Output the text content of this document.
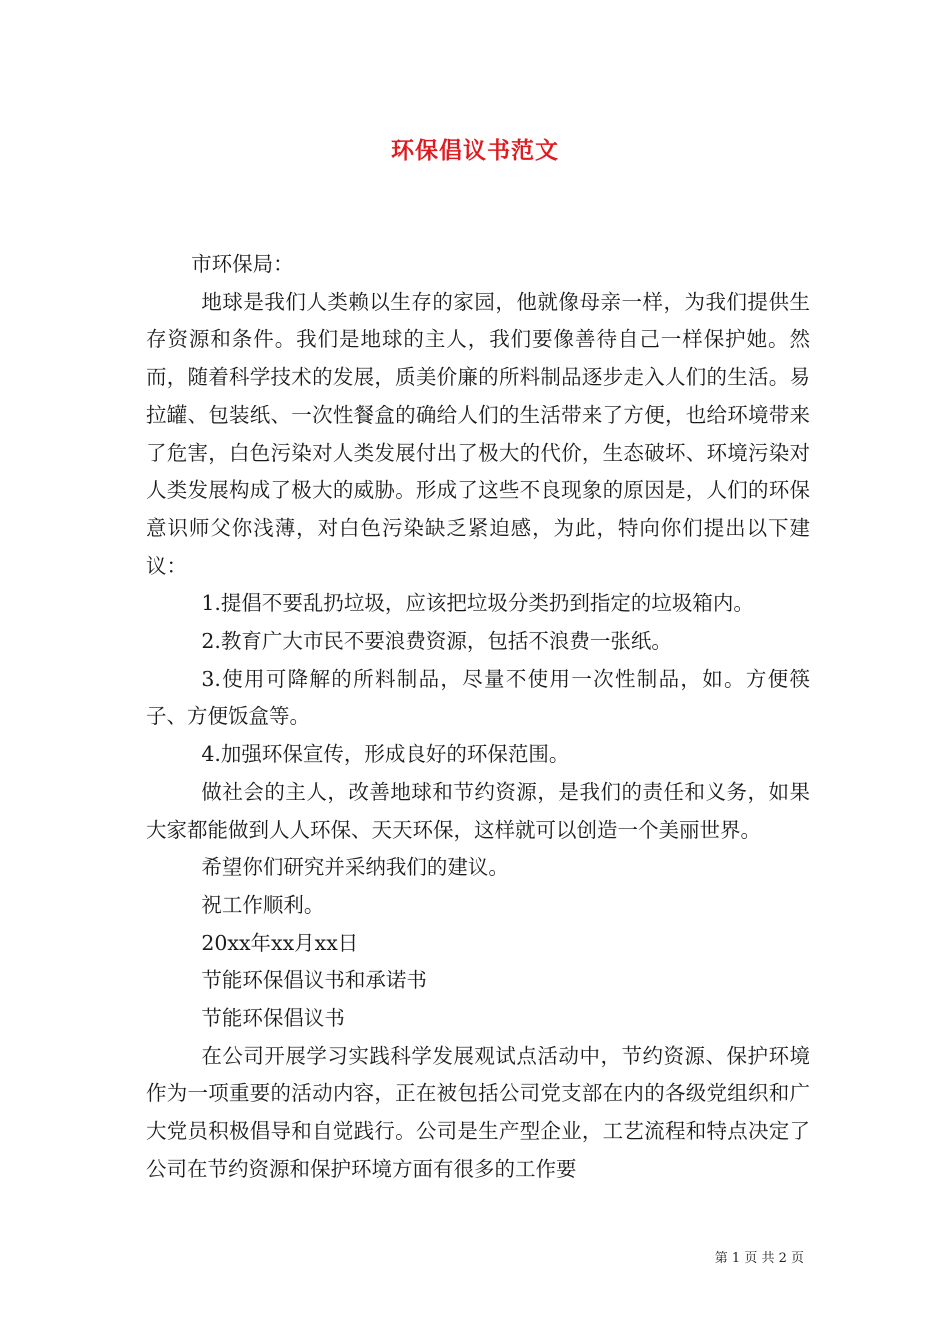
环保倡议书范文

市环保局：

地球是我们人类赖以生存的家园，他就像母亲一样，为我们提供生存资源和条件。我们是地球的主人，我们要像善待自己一样保护她。然而，随着科学技术的发展，质美价廉的所料制品逐步走入人们的生活。易拉罐、包装纸、一次性餐盒的确给人们的生活带来了方便，也给环境带来了危害，白色污染对人类发展付出了极大的代价，生态破坏、环境污染对人类发展构成了极大的威胁。形成了这些不良现象的原因是，人们的环保意识师父你浅薄，对白色污染缺乏紧迫感，为此，特向你们提出以下建议：

1.提倡不要乱扔垃圾，应该把垃圾分类扔到指定的垃圾箱内。

2.教育广大市民不要浪费资源，包括不浪费一张纸。

3.使用可降解的所料制品，尽量不使用一次性制品，如。方便筷子、方便饭盒等。

4.加强环保宣传，形成良好的环保范围。

做社会的主人，改善地球和节约资源，是我们的责任和义务，如果大家都能做到人人环保、天天环保，这样就可以创造一个美丽世界。

希望你们研究并采纳我们的建议。

祝工作顺利。

20xx年xx月xx日

节能环保倡议书和承诺书

节能环保倡议书

在公司开展学习实践科学发展观试点活动中，节约资源、保护环境作为一项重要的活动内容，正在被包括公司党支部在内的各级党组织和广大党员积极倡导和自觉践行。公司是生产型企业，工艺流程和特点决定了公司在节约资源和保护环境方面有很多的工作要

第 1 页 共 2 页
